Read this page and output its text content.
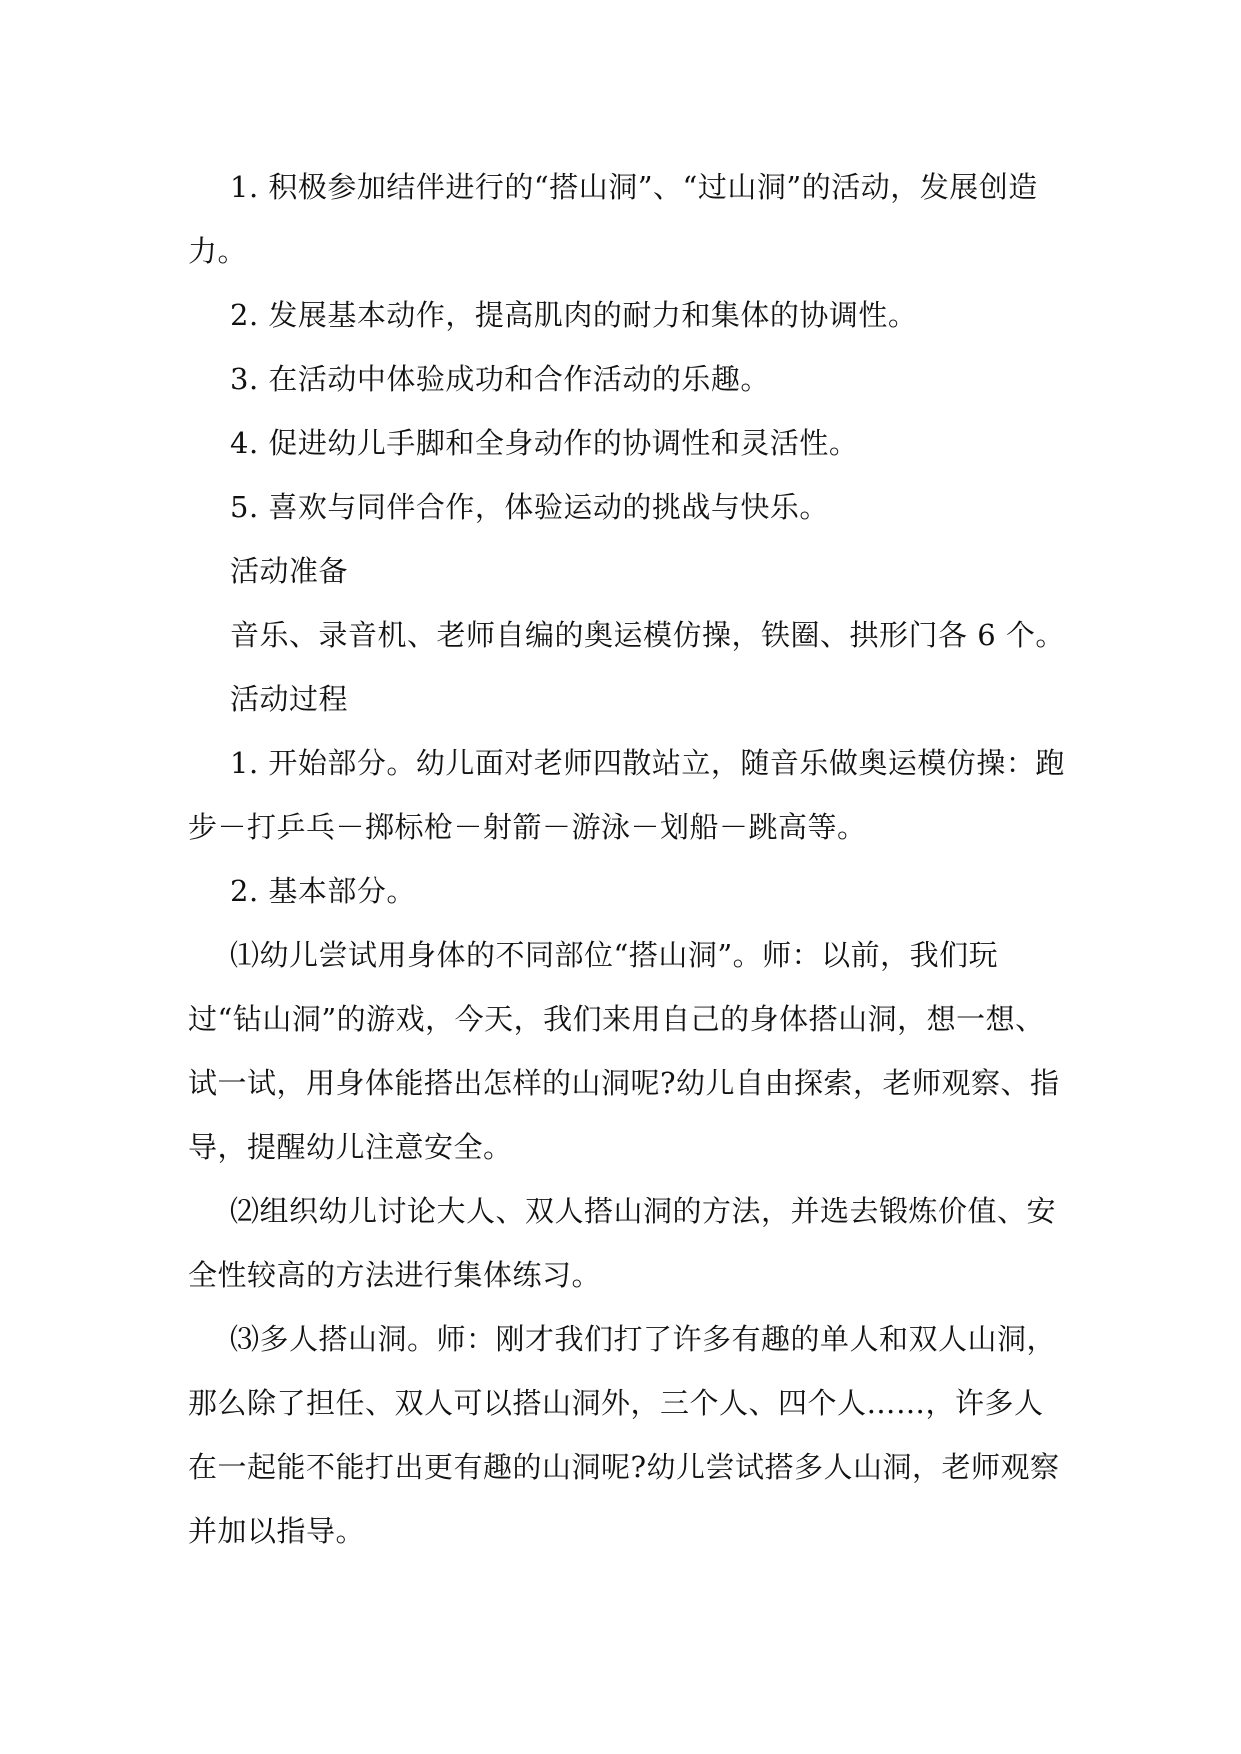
1. 积极参加结伴进行的“搭山洞”、“过山洞”的活动，发展创造力。

2. 发展基本动作，提高肌肉的耐力和集体的协调性。

3. 在活动中体验成功和合作活动的乐趣。

4. 促进幼儿手脚和全身动作的协调性和灵活性。

5. 喜欢与同伴合作，体验运动的挑战与快乐。

活动准备

音乐、录音机、老师自编的奥运模仿操，铁圈、拱形门各 6 个。

活动过程

1. 开始部分。幼儿面对老师四散站立，随音乐做奥运模仿操：跑步－打乒乓－掷标枪－射箭－游泳－划船－跳高等。

2. 基本部分。

⑴幼儿尝试用身体的不同部位“搭山洞”。师：以前，我们玩过“钻山洞”的游戏，今天，我们来用自己的身体搭山洞，想一想、试一试，用身体能搭出怎样的山洞呢?幼儿自由探索，老师观察、指导，提醒幼儿注意安全。

⑵组织幼儿讨论大人、双人搭山洞的方法，并选去锻炼价值、安全性较高的方法进行集体练习。

⑶多人搭山洞。师：刚才我们打了许多有趣的单人和双人山洞，那么除了担任、双人可以搭山洞外，三个人、四个人……，许多人在一起能不能打出更有趣的山洞呢?幼儿尝试搭多人山洞，老师观察并加以指导。
